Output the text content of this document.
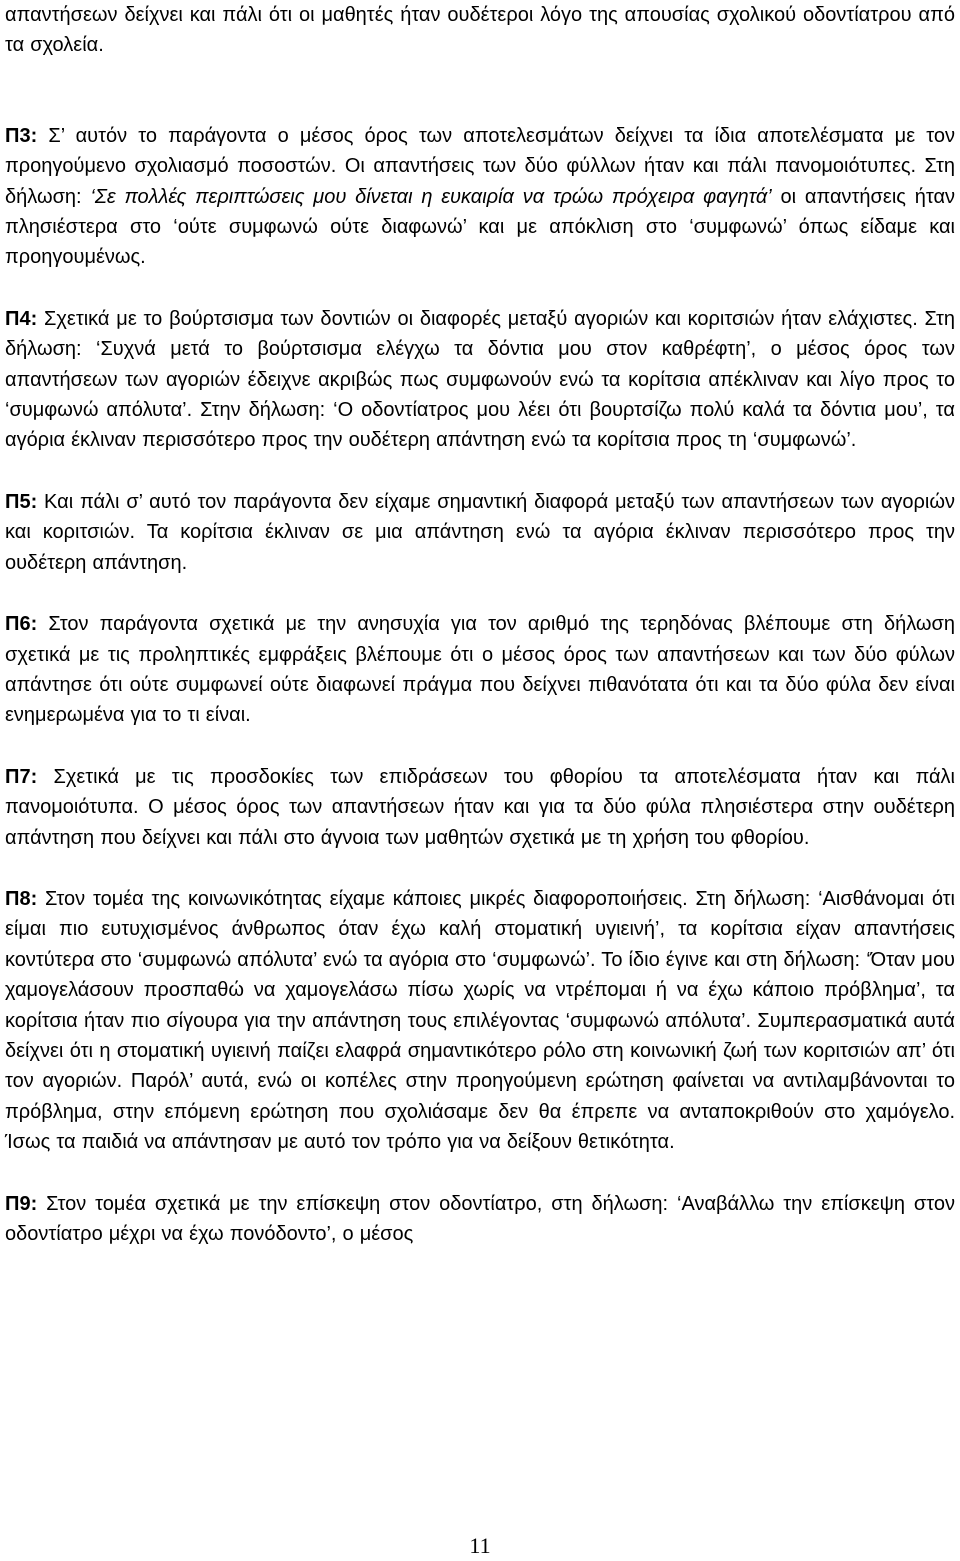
απαντήσεων δείχνει και πάλι ότι οι μαθητές ήταν ουδέτεροι λόγο της απουσίας σχολικού οδοντίατρου από τα σχολεία.

Π3: Σ’ αυτόν το παράγοντα ο μέσος όρος των αποτελεσμάτων δείχνει τα ίδια αποτελέσματα με τον προηγούμενο σχολιασμό ποσοστών. Οι απαντήσεις των δύο φύλλων ήταν και πάλι πανομοιότυπες. Στη δήλωση: ‘Σε πολλές περιπτώσεις μου δίνεται η ευκαιρία να τρώω πρόχειρα φαγητά’ οι απαντήσεις ήταν πλησιέστερα στο ‘ούτε συμφωνώ ούτε διαφωνώ’ και με απόκλιση στο ‘συμφωνώ’ όπως είδαμε και προηγουμένως.

Π4: Σχετικά με το βούρτσισμα των δοντιών οι διαφορές μεταξύ αγοριών και κοριτσιών ήταν ελάχιστες. Στη δήλωση: ‘Συχνά μετά το βούρτσισμα ελέγχω τα δόντια μου στον καθρέφτη’, ο μέσος όρος των απαντήσεων των αγοριών έδειχνε ακριβώς πως συμφωνούν ενώ τα κορίτσια απέκλιναν και λίγο προς το ‘συμφωνώ απόλυτα’. Στην δήλωση: ‘Ο οδοντίατρος μου λέει ότι βουρτσίζω πολύ καλά τα δόντια μου’, τα αγόρια έκλιναν περισσότερο προς την ουδέτερη απάντηση ενώ τα κορίτσια προς τη ‘συμφωνώ’.

Π5: Και πάλι σ’ αυτό τον παράγοντα δεν είχαμε σημαντική διαφορά μεταξύ των απαντήσεων των αγοριών και κοριτσιών. Τα κορίτσια έκλιναν σε μια απάντηση ενώ τα αγόρια έκλιναν περισσότερο προς την ουδέτερη απάντηση.

Π6: Στον παράγοντα σχετικά με την ανησυχία για τον αριθμό της τερηδόνας βλέπουμε στη δήλωση σχετικά με τις προληπτικές εμφράξεις βλέπουμε ότι ο μέσος όρος των απαντήσεων και των δύο φύλων απάντησε ότι ούτε συμφωνεί ούτε διαφωνεί πράγμα που δείχνει πιθανότατα ότι και τα δύο φύλα δεν είναι ενημερωμένα για το τι είναι.

Π7: Σχετικά με τις προσδοκίες των επιδράσεων του φθορίου τα αποτελέσματα ήταν και πάλι πανομοιότυπα. Ο μέσος όρος των απαντήσεων ήταν και για τα δύο φύλα πλησιέστερα στην ουδέτερη απάντηση που δείχνει και πάλι στο άγνοια των μαθητών σχετικά με τη χρήση του φθορίου.

Π8: Στον τομέα της κοινωνικότητας είχαμε κάποιες μικρές διαφοροποιήσεις. Στη δήλωση: ‘Αισθάνομαι ότι είμαι πιο ευτυχισμένος άνθρωπος όταν έχω καλή στοματική υγιεινή’, τα κορίτσια είχαν απαντήσεις κοντύτερα στο ‘συμφωνώ απόλυτα’ ενώ τα αγόρια στο ‘συμφωνώ’. Το ίδιο έγινε και στη δήλωση: ‘Όταν μου χαμογελάσουν προσπαθώ να χαμογελάσω πίσω χωρίς να ντρέπομαι ή να έχω κάποιο πρόβλημα’, τα κορίτσια ήταν πιο σίγουρα για την απάντηση τους επιλέγοντας ‘συμφωνώ απόλυτα’. Συμπερασματικά αυτά δείχνει ότι η στοματική υγιεινή παίζει ελαφρά σημαντικότερο ρόλο στη κοινωνική ζωή των κοριτσιών απ’ ότι τον αγοριών. Παρόλ’ αυτά, ενώ οι κοπέλες στην προηγούμενη ερώτηση φαίνεται να αντιλαμβάνονται το πρόβλημα, στην επόμενη ερώτηση που σχολιάσαμε δεν θα έπρεπε να ανταποκριθούν στο χαμόγελο. Ίσως τα παιδιά να απάντησαν με αυτό τον τρόπο για να δείξουν θετικότητα.

Π9: Στον τομέα σχετικά με την επίσκεψη στον οδοντίατρο, στη δήλωση: ‘Αναβάλλω την επίσκεψη στον οδοντίατρο μέχρι να έχω πονόδοντο’, ο μέσος

11
